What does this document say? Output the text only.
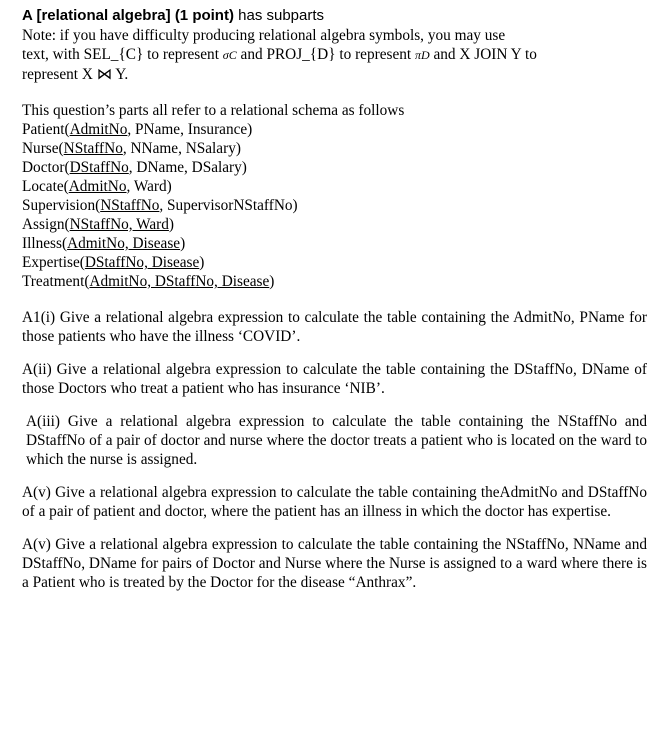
A [relational algebra] (1 point) has subparts

Note: if you have difficulty producing relational algebra symbols, you may use

text, with SEL_{C} to represent σC and PROJ_{D} to represent πD and X JOIN Y to

represent X ⋈ Y.

This question’s parts all refer to a relational schema as follows

Patient(AdmitNo, PName, Insurance)

Nurse(NStaffNo, NName, NSalary)

Doctor(DStaffNo, DName, DSalary)

Locate(AdmitNo, Ward)

Supervision(NStaffNo, SupervisorNStaffNo)

Assign(NStaffNo, Ward)

Illness(AdmitNo, Disease)

Expertise(DStaffNo, Disease)

Treatment(AdmitNo, DStaffNo, Disease)

A1(i) Give a relational algebra expression to calculate the table containing the AdmitNo, PName for those patients who have the illness ‘COVID’.

A(ii) Give a relational algebra expression to calculate the table containing the DStaffNo, DName of those Doctors who treat a patient who has insurance ‘NIB’.

A(iii) Give a relational algebra expression to calculate the table containing the NStaffNo and DStaffNo of a pair of doctor and nurse where the doctor treats a patient who is located on the ward to which the nurse is assigned.

A(v) Give a relational algebra expression to calculate the table containing theAdmitNo and DStaffNo of a pair of patient and doctor, where the patient has an illness in which the doctor has expertise.

A(v) Give a relational algebra expression to calculate the table containing the NStaffNo, NName and DStaffNo, DName for pairs of Doctor and Nurse where the Nurse is assigned to a ward where there is a Patient who is treated by the Doctor for the disease “Anthrax”.
